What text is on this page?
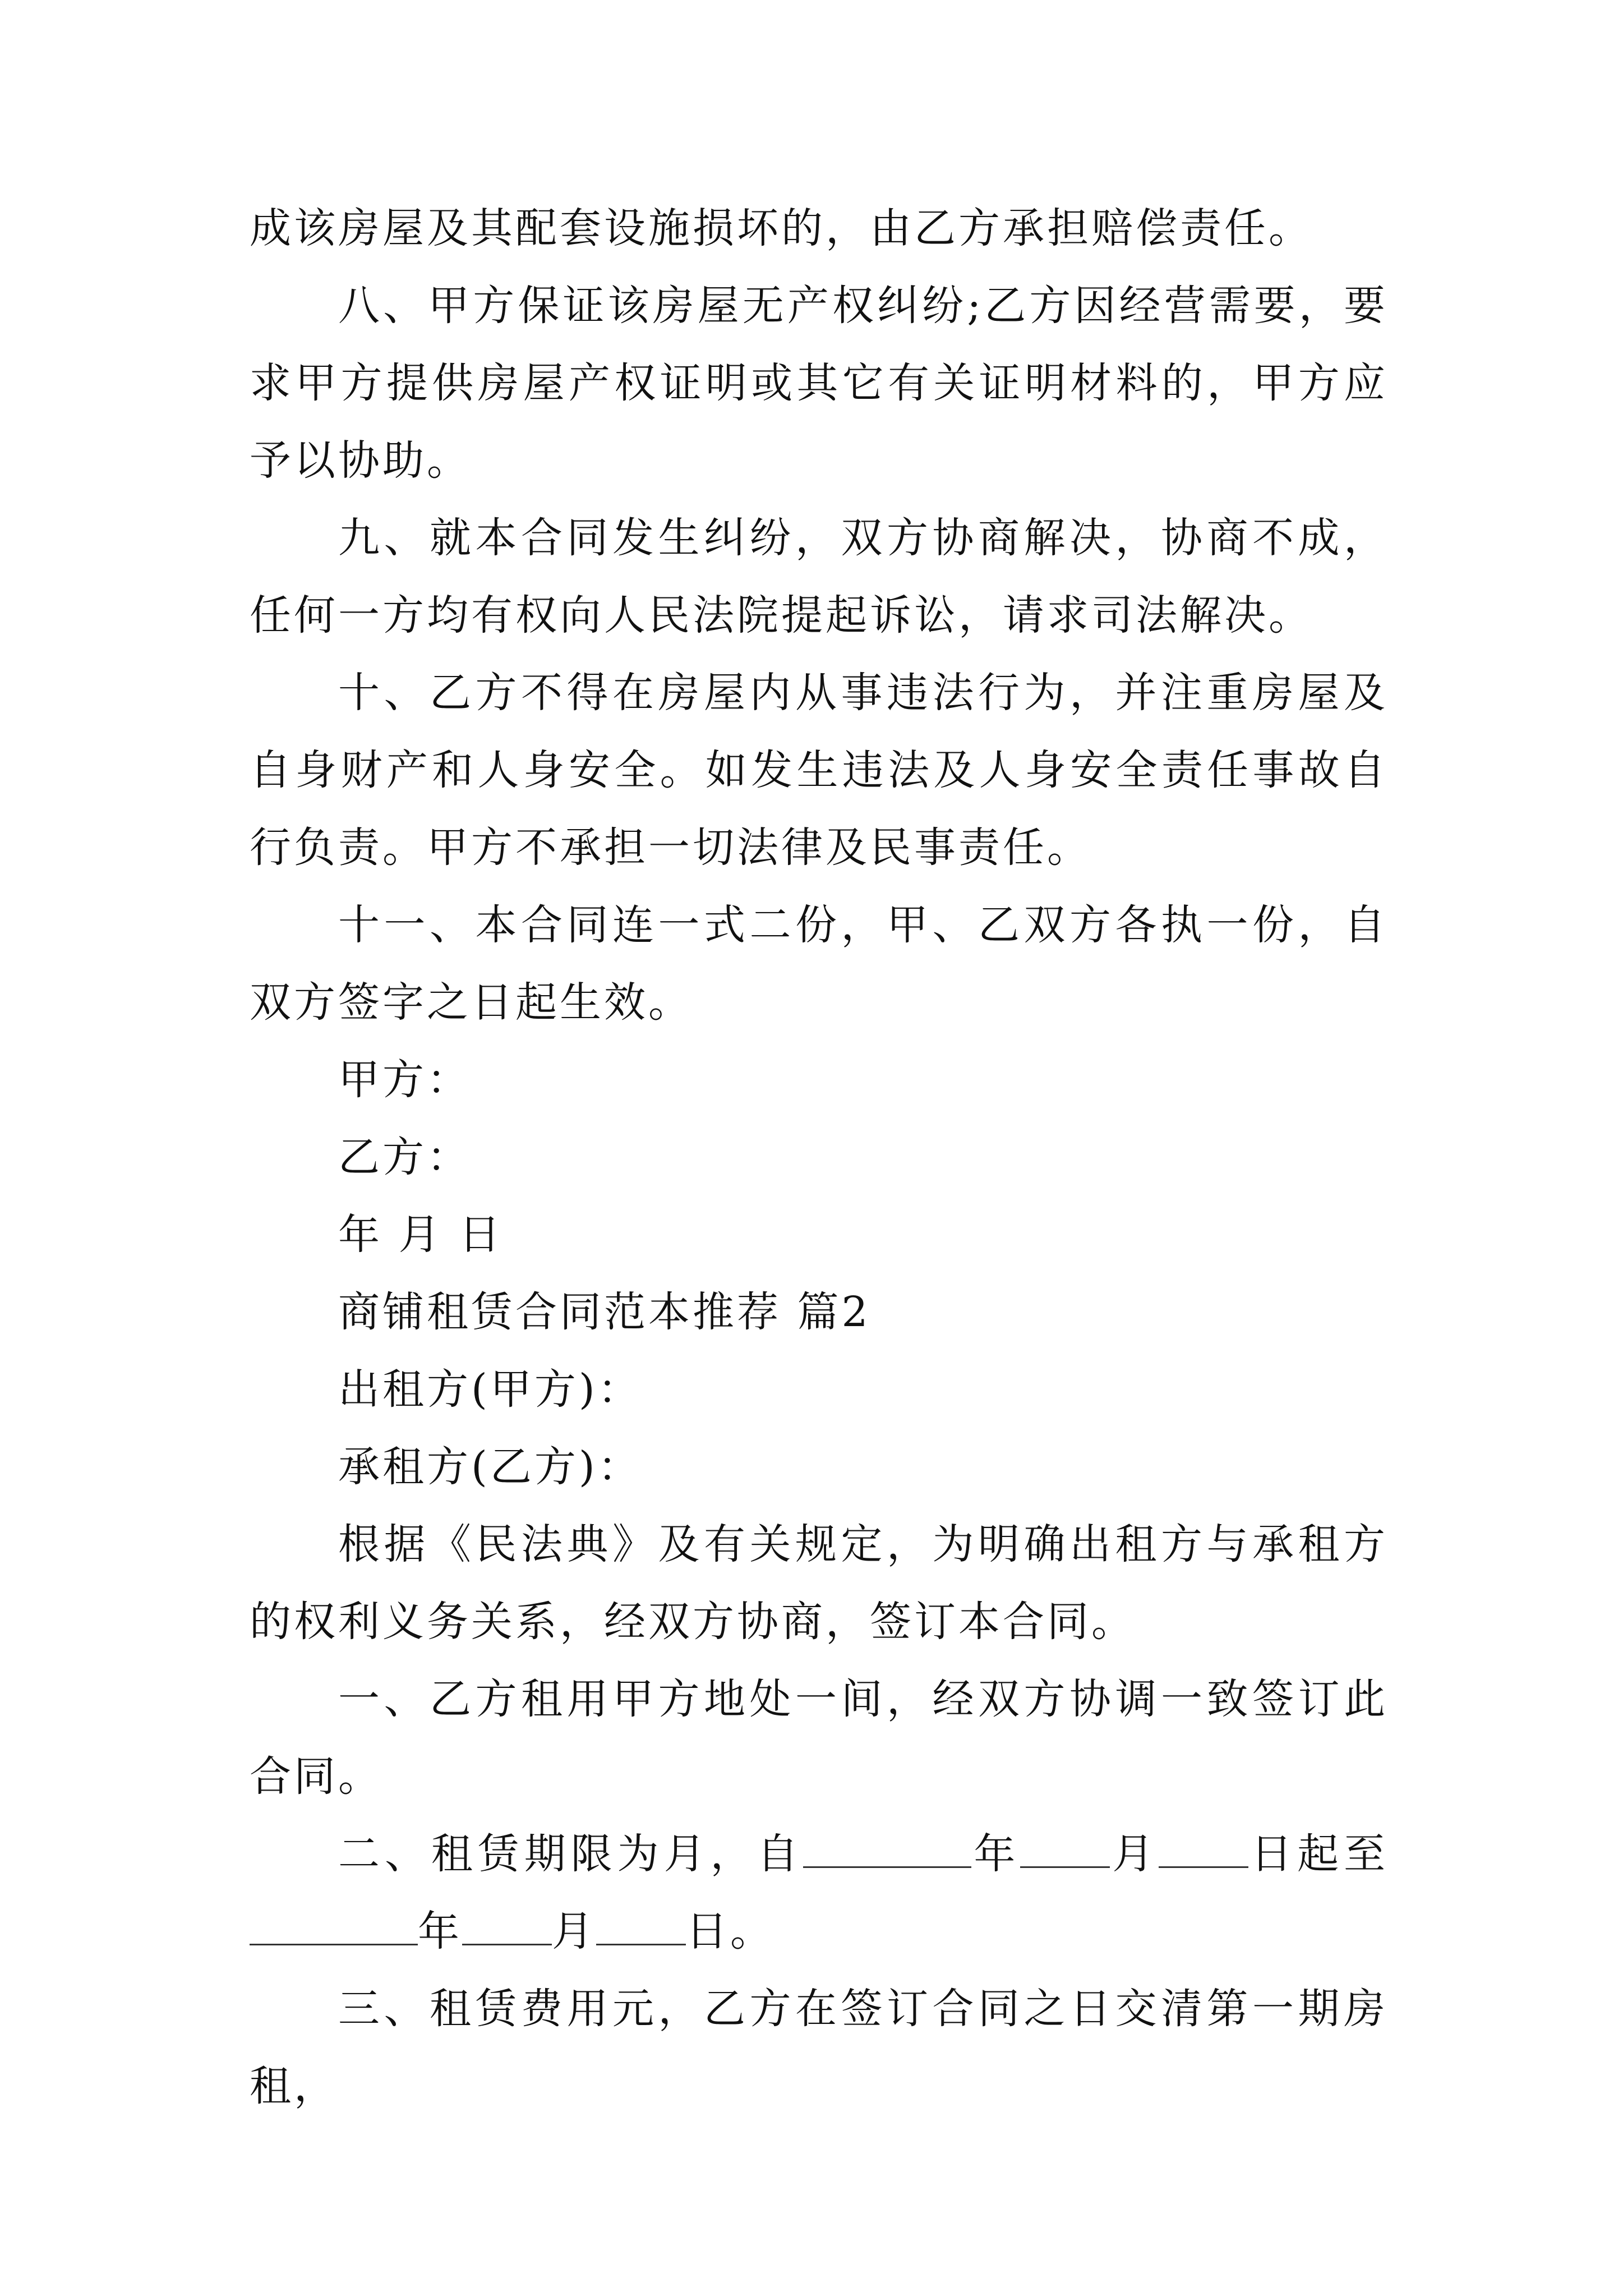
成该房屋及其配套设施损坏的，由乙方承担赔偿责任。

八、甲方保证该房屋无产权纠纷;乙方因经营需要，要求甲方提供房屋产权证明或其它有关证明材料的，甲方应予以协助。

九、就本合同发生纠纷，双方协商解决，协商不成，任何一方均有权向人民法院提起诉讼，请求司法解决。

十、乙方不得在房屋内从事违法行为，并注重房屋及自身财产和人身安全。如发生违法及人身安全责任事故自行负责。甲方不承担一切法律及民事责任。

十一、本合同连一式二份，甲、乙双方各执一份，自双方签字之日起生效。

甲方：

乙方：

年 月 日

商铺租赁合同范本推荐 篇2

出租方(甲方)：

承租方(乙方)：

根据《民法典》及有关规定，为明确出租方与承租方的权利义务关系，经双方协商，签订本合同。

一、乙方租用甲方地处一间，经双方协调一致签订此合同。

二、租赁期限为月，自	年 月 日起至年 月 日。

三、租赁费用元，乙方在签订合同之日交清第一期房租，
